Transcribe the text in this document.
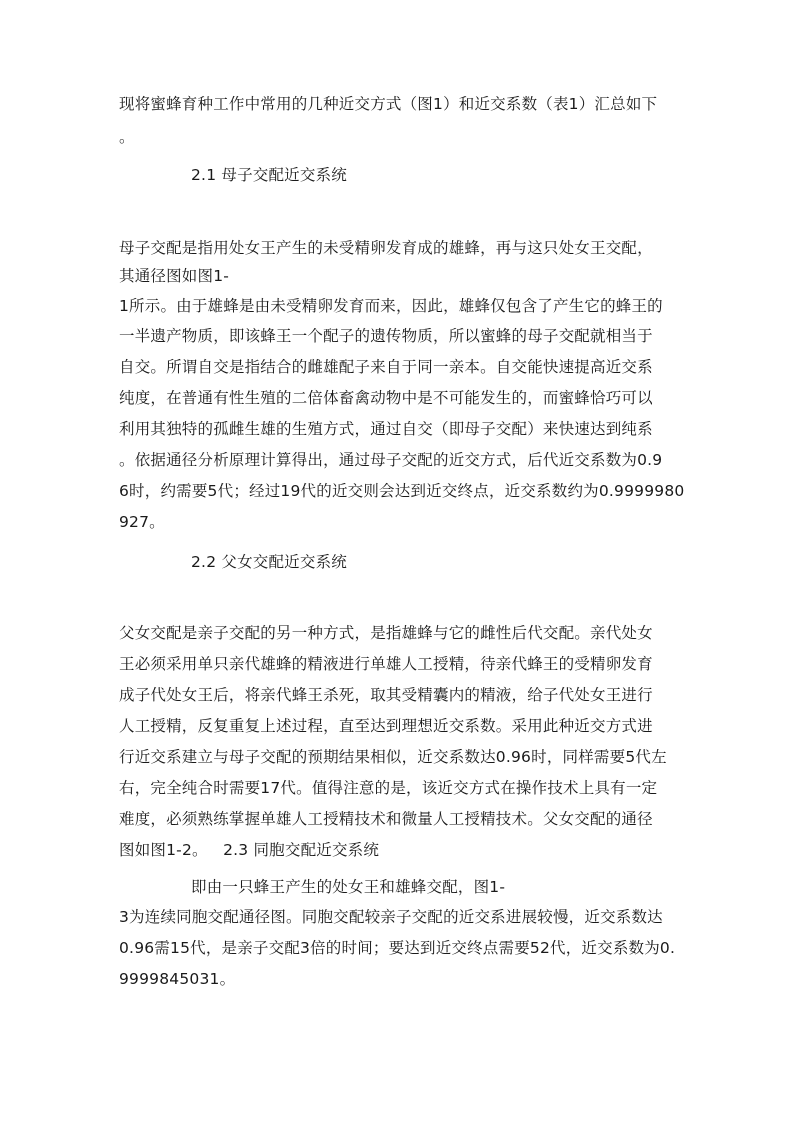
现将蜜蜂育种工作中常用的几种近交方式（图1）和近交系数（表1）汇总如下
。
2.1 母子交配近交系统
母子交配是指用处女王产生的未受精卵发育成的雄蜂，再与这只处女王交配，
其通径图如图1-
1所示。由于雄蜂是由未受精卵发育而来，因此，雄蜂仅包含了产生它的蜂王的
一半遗产物质，即该蜂王一个配子的遗传物质，所以蜜蜂的母子交配就相当于
自交。所谓自交是指结合的雌雄配子来自于同一亲本。自交能快速提高近交系
纯度，在普通有性生殖的二倍体畜禽动物中是不可能发生的，而蜜蜂恰巧可以
利用其独特的孤雌生雄的生殖方式，通过自交（即母子交配）来快速达到纯系
。依据通径分析原理计算得出，通过母子交配的近交方式，后代近交系数为0.9
6时，约需要5代；经过19代的近交则会达到近交终点，近交系数约为0.9999980
927。
2.2 父女交配近交系统
父女交配是亲子交配的另一种方式，是指雄蜂与它的雌性后代交配。亲代处女
王必须采用单只亲代雄蜂的精液进行单雄人工授精，待亲代蜂王的受精卵发育
成子代处女王后，将亲代蜂王杀死，取其受精囊内的精液，给子代处女王进行
人工授精，反复重复上述过程，直至达到理想近交系数。采用此种近交方式进
行近交系建立与母子交配的预期结果相似，近交系数达0.96时，同样需要5代左
右，完全纯合时需要17代。值得注意的是，该近交方式在操作技术上具有一定
难度，必须熟练掌握单雄人工授精技术和微量人工授精技术。父女交配的通径
图如图1-2。   2.3 同胞交配近交系统
即由一只蜂王产生的处女王和雄蜂交配，图1-
3为连续同胞交配通径图。同胞交配较亲子交配的近交系进展较慢，近交系数达
0.96需15代，是亲子交配3倍的时间；要达到近交终点需要52代，近交系数为0.
9999845031。
